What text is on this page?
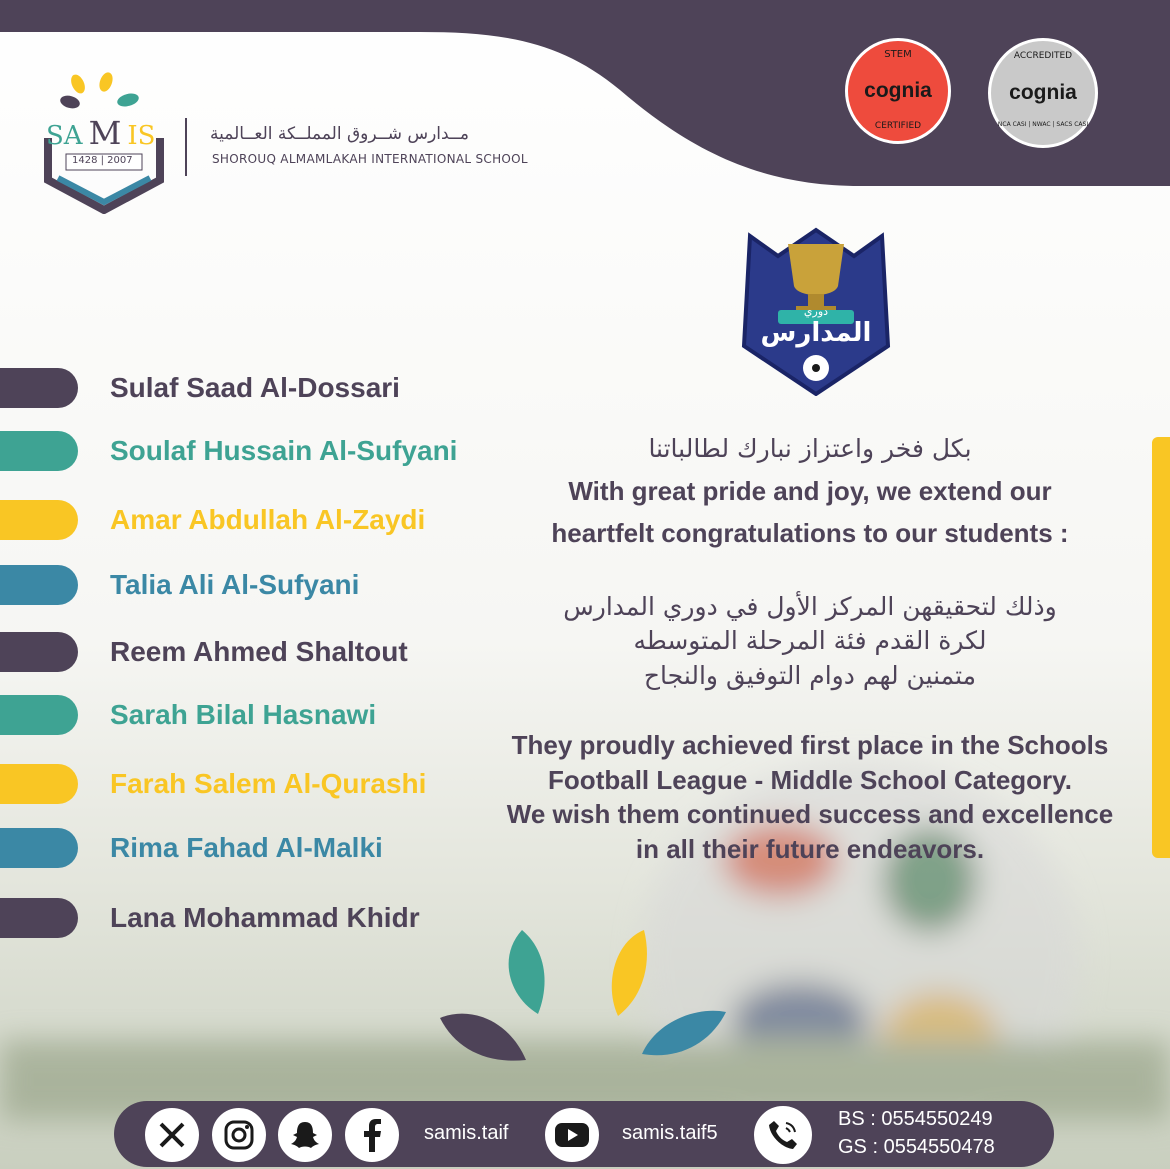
SA M IS
1428 | 2007
مــدارس شــروق المملــكة العــالمية
SHOROUQ ALMAMLAKAH INTERNATIONAL SCHOOL
STEM
cognia
CERTIFIED
ACCREDITED
cognia
NCA CASI | NWAC | SACS CASI
دوري
المدارس
Sulaf Saad Al-Dossari
Soulaf Hussain Al-Sufyani
Amar Abdullah Al-Zaydi
Talia Ali Al-Sufyani
Reem Ahmed Shaltout
Sarah Bilal Hasnawi
Farah Salem Al-Qurashi
Rima Fahad Al-Malki
Lana Mohammad Khidr
بكل فخر واعتزاز نبارك لطالباتنا
With great pride and joy, we extend our
heartfelt congratulations to our students :
وذلك لتحقيقهن المركز الأول في دوري المدارس
لكرة القدم فئة المرحلة المتوسطه
متمنين لهم دوام التوفيق والنجاح
They proudly achieved first place in the Schools
Football League - Middle School Category.
We wish them continued success and excellence
in all their future endeavors.
samis.taif	samis.taif5
BS : 0554550249
GS : 0554550478
